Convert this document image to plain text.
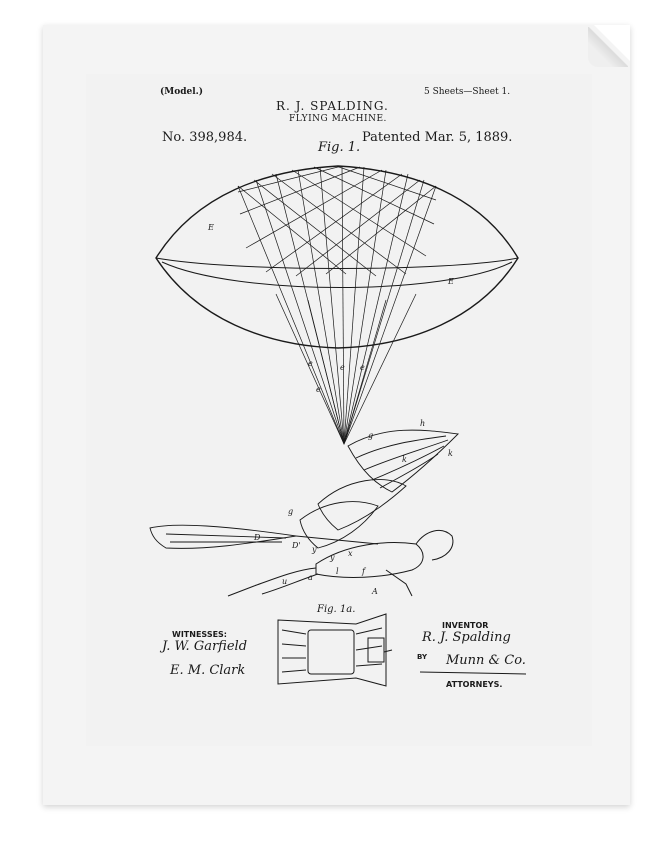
E
E
e	e e
e
g
h
k
k
g
D
D' y
y x
A
a
u
l	f
(Model.)	5 Sheets—Sheet 1.
R. J. SPALDING.
FLYING MACHINE.
No. 398,984.	Patented Mar. 5, 1889.
Fig. 1.
Fig. 1a.
WITNESSES:
J. W. Garfield
E. M. Clark
INVENTOR
R. J. Spalding
BY Munn & Co.
ATTORNEYS.
